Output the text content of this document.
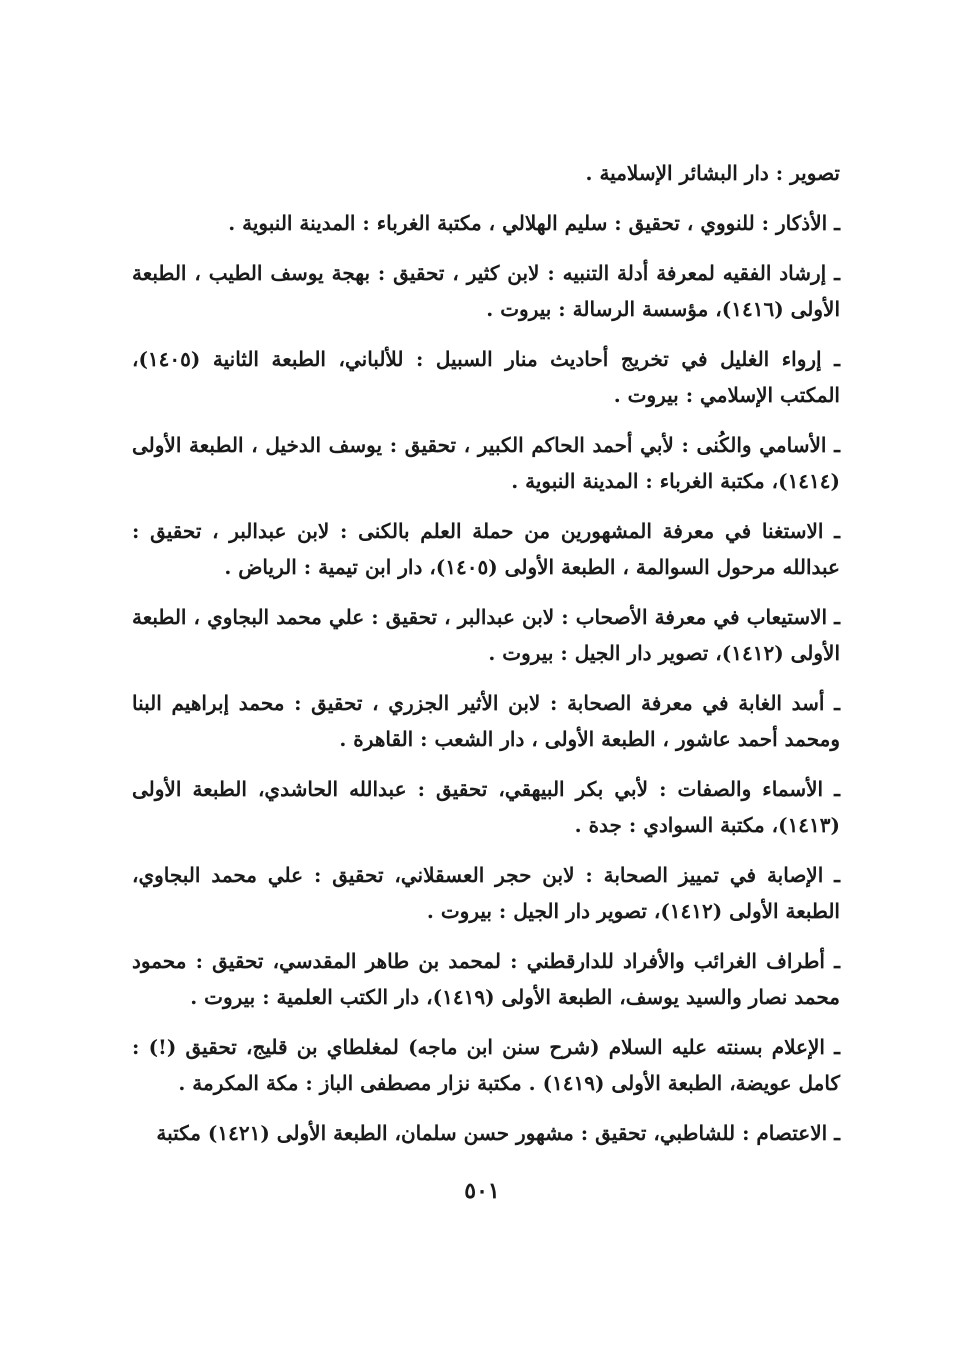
تصوير : دار البشائر الإسلامية .

ـ الأذكار : للنووي ، تحقيق : سليم الهلالي ، مكتبة الغرباء : المدينة النبوية .

ـ إرشاد الفقيه لمعرفة أدلة التنبيه : لابن كثير ، تحقيق : بهجة يوسف الطيب ، الطبعة الأولى (١٤١٦)، مؤسسة الرسالة : بيروت .

ـ إرواء الغليل في تخريج أحاديث منار السبيل : للألباني، الطبعة الثانية (١٤٠٥)، المكتب الإسلامي : بيروت .

ـ الأسامي والكُنى : لأبي أحمد الحاكم الكبير ، تحقيق : يوسف الدخيل ، الطبعة الأولى (١٤١٤)، مكتبة الغرباء : المدينة النبوية .

ـ الاستغنا في معرفة المشهورين من حملة العلم بالكنى : لابن عبدالبر ، تحقيق : عبدالله مرحول السوالمة ، الطبعة الأولى (١٤٠٥)، دار ابن تيمية : الرياض .

ـ الاستيعاب في معرفة الأصحاب : لابن عبدالبر ، تحقيق : علي محمد البجاوي ، الطبعة الأولى (١٤١٢)، تصوير دار الجيل : بيروت .

ـ أسد الغابة في معرفة الصحابة : لابن الأثير الجزري ، تحقيق : محمد إبراهيم البنا ومحمد أحمد عاشور ، الطبعة الأولى ، دار الشعب : القاهرة .

ـ الأسماء والصفات : لأبي بكر البيهقي، تحقيق : عبدالله الحاشدي، الطبعة الأولى (١٤١٣)، مكتبة السوادي : جدة .

ـ الإصابة في تمييز الصحابة : لابن حجر العسقلاني، تحقيق : علي محمد البجاوي، الطبعة الأولى (١٤١٢)، تصوير دار الجيل : بيروت .

ـ أطراف الغرائب والأفراد للدارقطني : لمحمد بن طاهر المقدسي، تحقيق : محمود محمد نصار والسيد يوسف، الطبعة الأولى (١٤١٩)، دار الكتب العلمية : بيروت .

ـ الإعلام بسنته عليه السلام (شرح سنن ابن ماجه) لمغلطاي بن قليج، تحقيق (!) : كامل عويضة، الطبعة الأولى (١٤١٩) . مكتبة نزار مصطفى الباز : مكة المكرمة .

ـ الاعتصام : للشاطبي، تحقيق : مشهور حسن سلمان، الطبعة الأولى (١٤٢١) مكتبة

٥٠١
